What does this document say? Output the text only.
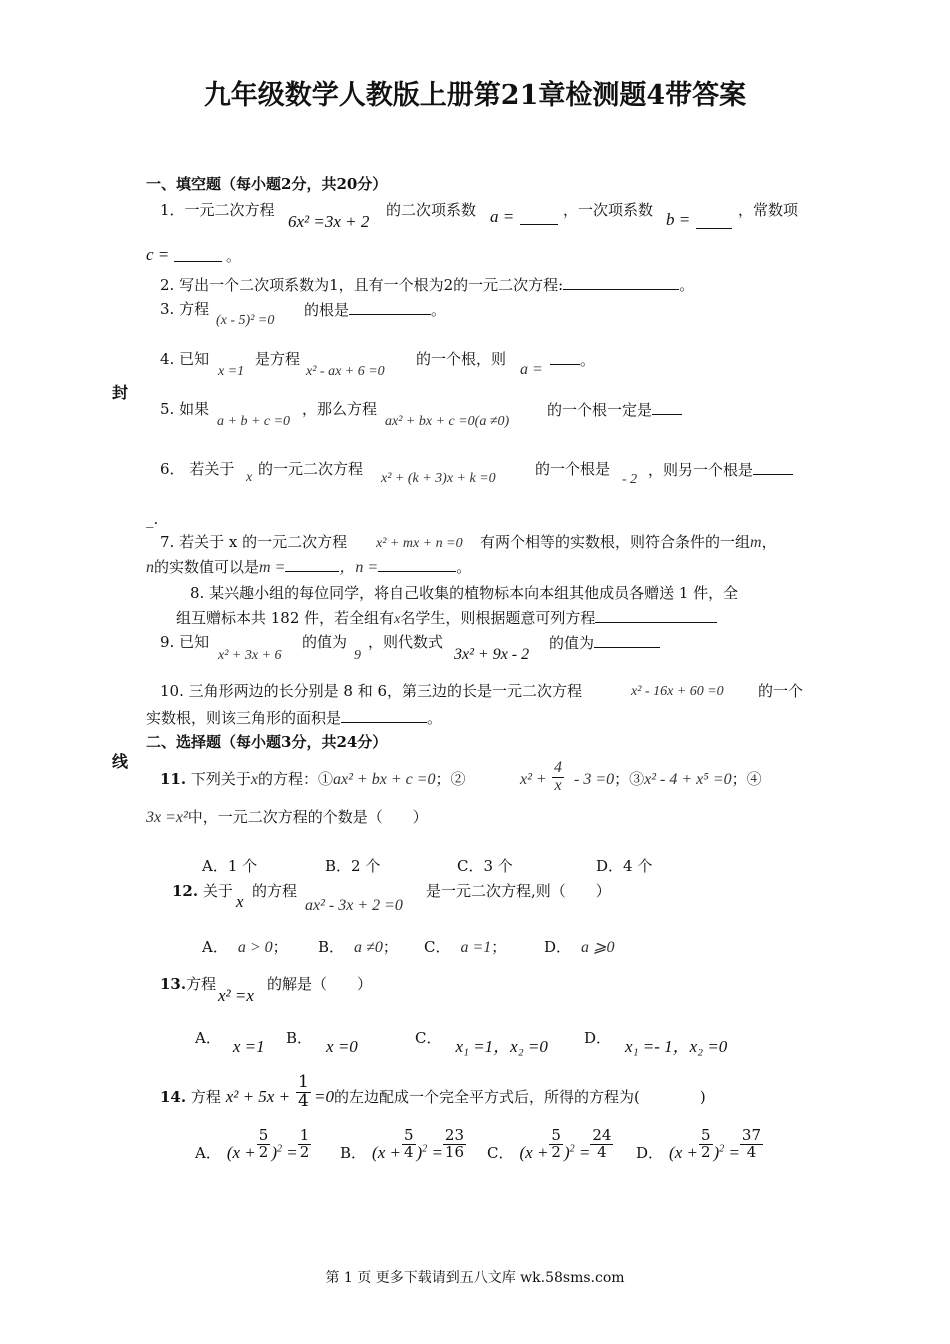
九年级数学人教版上册第21章检测题4带答案
封
线
一、填空题（每小题2分，共20分）
1．一元二次方程
6x² =3x + 2
的二次项系数 a =	，一次项系数 b =	，常数项
c =	。
2. 写出一个二次项系数为1，且有一个根为2的一元二次方程:	。
3. 方程
(x - 5)² =0
的根是	。
4. 已知
x =1
是方程
x² - ax + 6 =0
的一个根，则
a =
。
5. 如果
a + b + c =0
，那么方程
ax² + bx + c =0(a ≠0)
的一个根一定是
6． 若关于 x 的一元二次方程
x² + (k + 3)x + k =0
的一个根是
- 2
，则另一个根是
_.
7. 若关于 x 的一元二次方程 x² + mx + n =0 有两个相等的实数根，则符合条件的一组m，
n的实数值可以是m =	，n =	。
8. 某兴趣小组的每位同学，将自己收集的植物标本向本组其他成员各赠送 1 件，全
组互赠标本共 182 件，若全组有x名学生，则根据题意可列方程
9. 已知
x² + 3x + 6
的值为
9
，则代数式
3x² + 9x - 2
的值为
10. 三角形两边的长分别是 8 和 6，第三边的长是一元二次方程	x² - 16x + 60 =0 的一个
实数根，则该三角形的面积是	。
二、选择题（每小题3分，共24分）
11. 下列关于x的方程：①ax² + bx + c =0；②	$x^2 + \frac{4}{x} - 3 =0$；③x² - 4 + x⁵ =0；④
3x =x²中，一元二次方程的个数是（　　）
A．1 个	B．2 个	C．3 个	D．4 个
12. 关于
x
的方程
ax² - 3x + 2 =0
是一元二次方程,则（　　）
A． a > 0； B． a ≠0； C． a =1；	D． a ⩾0
13.方程
x² =x
的解是（　　）
A． x =1 B． x =0	C． x₁ =1，x₂ =0 D． x₁ =- 1，x₂ =0
14. 方程 $x^2 + 5x + \frac{1}{4} =0$的左边配成一个完全平方式后，所得的方程为(　　　　)
A． $(x + \frac{5}{2} )^2 = \frac{1}{2}$ B． $(x + \frac{5}{4} )^2 = \frac{23}{16}$ C． $(x + \frac{5}{2} )^2 = \frac{24}{4}$ D． $(x + \frac{5}{2} )^2 = \frac{37}{4}$
第 1 页 更多下载请到五八文库 wk.58sms.com
